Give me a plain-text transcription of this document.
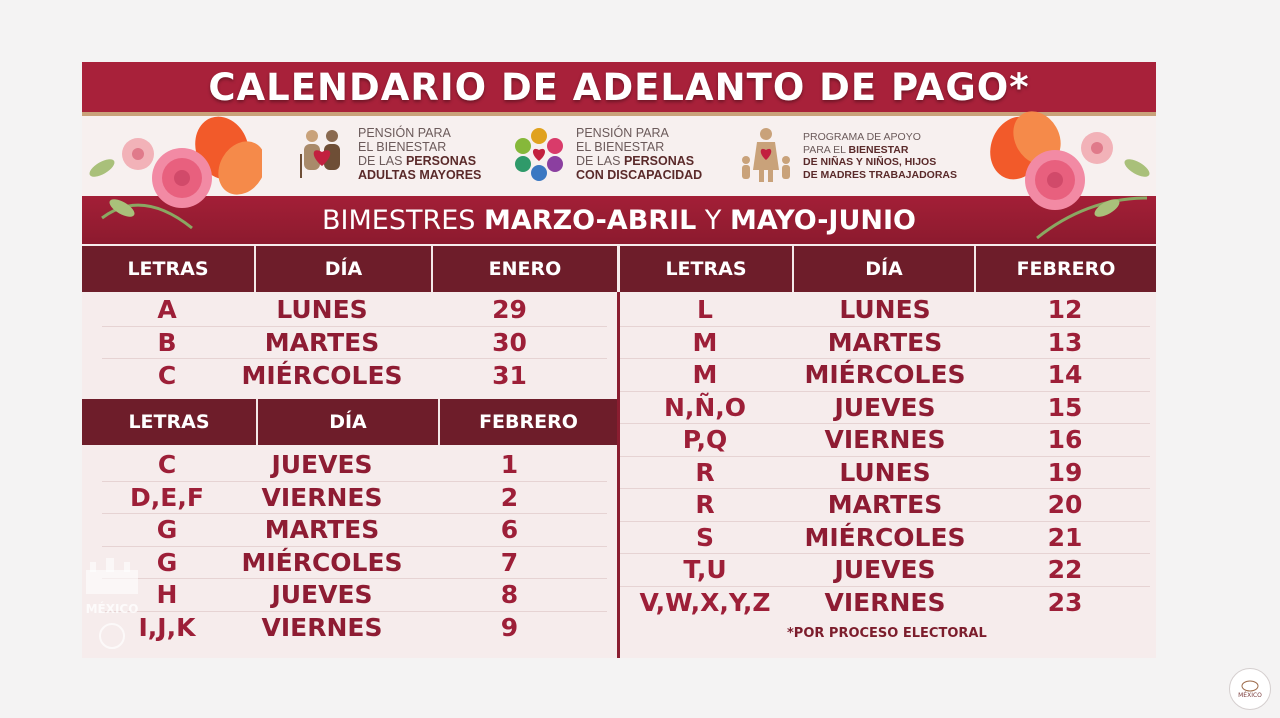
CALENDARIO DE ADELANTO DE PAGO*
PENSIÓN PARA
EL BIENESTAR
DE LAS PERSONAS
ADULTAS MAYORES
PENSIÓN PARA
EL BIENESTAR
DE LAS PERSONAS
CON DISCAPACIDAD
PROGRAMA DE APOYO
PARA EL BIENESTAR
DE NIÑAS Y NIÑOS, HIJOS
DE MADRES TRABAJADORAS
BIMESTRES MARZO-ABRIL Y MAYO-JUNIO
LETRAS	DÍA	ENERO
A	LUNES	29
B	MARTES	30
C	MIÉRCOLES	31
LETRAS	DÍA	FEBRERO
C	JUEVES	1
D,E,F	VIERNES	2
G	MARTES	6
G	MIÉRCOLES	7
H	JUEVES	8
I,J,K	VIERNES	9
LETRAS	DÍA	FEBRERO
L	LUNES	12
M	MARTES	13
M	MIÉRCOLES	14
N,Ñ,O	JUEVES	15
P,Q	VIERNES	16
R	LUNES	19
R	MARTES	20
S	MIÉRCOLES	21
T,U	JUEVES	22
V,W,X,Y,Z	VIERNES	23
*POR PROCESO ELECTORAL
MÉXICO
MÉXICO
